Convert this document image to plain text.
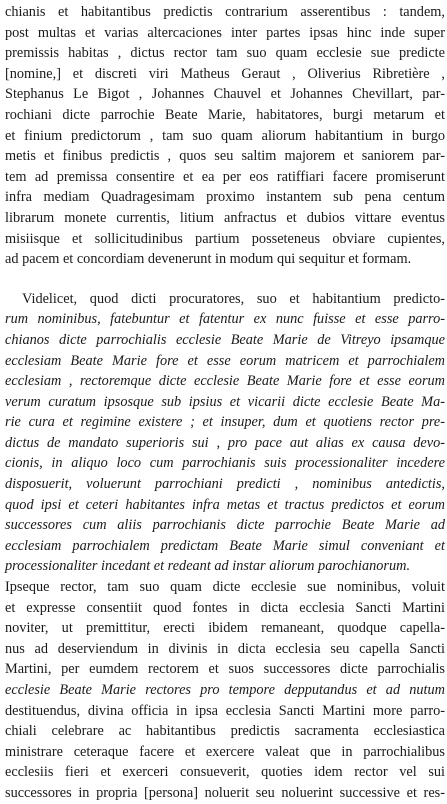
chianis et habitantibus predictis contrarium asserentibus : tandem,
post multas et varias altercaciones inter partes ipsas hinc inde super
premissis habitas , dictus rector tam suo quam ecclesie sue predicte
[nomine,] et discreti viri Matheus Geraut , Oliverius Ribretière ,
Stephanus Le Bigot , Johannes Chauvel et Johannes Chevillart, par-
rochiani dicte parrochie Beate Marie, habitatores, burgi metarum et
et finium predictorum , tam suo quam aliorum habitantium in burgo
metis et finibus predictis , quos seu saltim majorem et saniorem par-
tem ad premissa consentire et ea per eos ratiffiari facere promiserunt
infra mediam Quadragesimam proximo instantem sub pena centum
librarum monete currentis, litium anfractus et dubios vittare eventus
misiisque et sollicitudinibus partium posseteneus obviare cupientes,
ad pacem et concordiam devenerunt in modum qui sequitur et formam.
Videlicet, quod dicti procuratores, suo et habitantium predicto-
rum nominibus, fatebuntur et fatentur ex nunc fuisse et esse parro-
chianos dicte parrochialis ecclesie Beate Marie de Vitreyo ipsamque
ecclesiam Beate Marie fore et esse eorum matricem et parrochialem
ecclesiam , rectoremque dicte ecclesie Beate Marie fore et esse eorum
verum curatum ipsosque sub ipsius et vicarii dicte ecclesie Beate Ma-
rie cura et regimine existere ; et insuper, dum et quotiens rector pre-
dictus de mandato superioris sui , pro pace aut alias ex causa devo-
cionis, in aliquo loco cum parrochianis suis processionaliter incedere
disposuerit, voluerunt parrochiani predicti , nominibus antedictis,
quod ipsi et ceteri habitantes infra metas et tractus predictos et eorum
successores cum aliis parrochianis dicte parrochie Beate Marie ad
ecclesiam parrochialem predictam Beate Marie simul conveniant et
processionaliter incedant et redeant ad instar aliorum parochianorum.
Ipseque rector, tam suo quam dicte ecclesie sue nominibus, voluit
et expresse consentiit quod fontes in dicta ecclesia Sancti Martini
noviter, ut premittitur, erecti ibidem remaneant, quodque capella-
nus ad deserviendum in divinis in dicta ecclesia seu capella Sancti
Martini, per eumdem rectorem et suos successores dicte parrochialis
ecclesie Beate Marie rectores pro tempore depputandus et ad nutum
destituendus, divina officia in ipsa ecclesia Sancti Martini more parro-
chiali celebrare ac habitantibus predictis sacramenta ecclesiastica
ministrare ceteraque facere et exercere valeat que in parrochialibus
ecclesiis fieri et exerceri consueverit, quoties idem rector vel sui
successores in propria [persona] noluerit seu noluerint successive et res-
